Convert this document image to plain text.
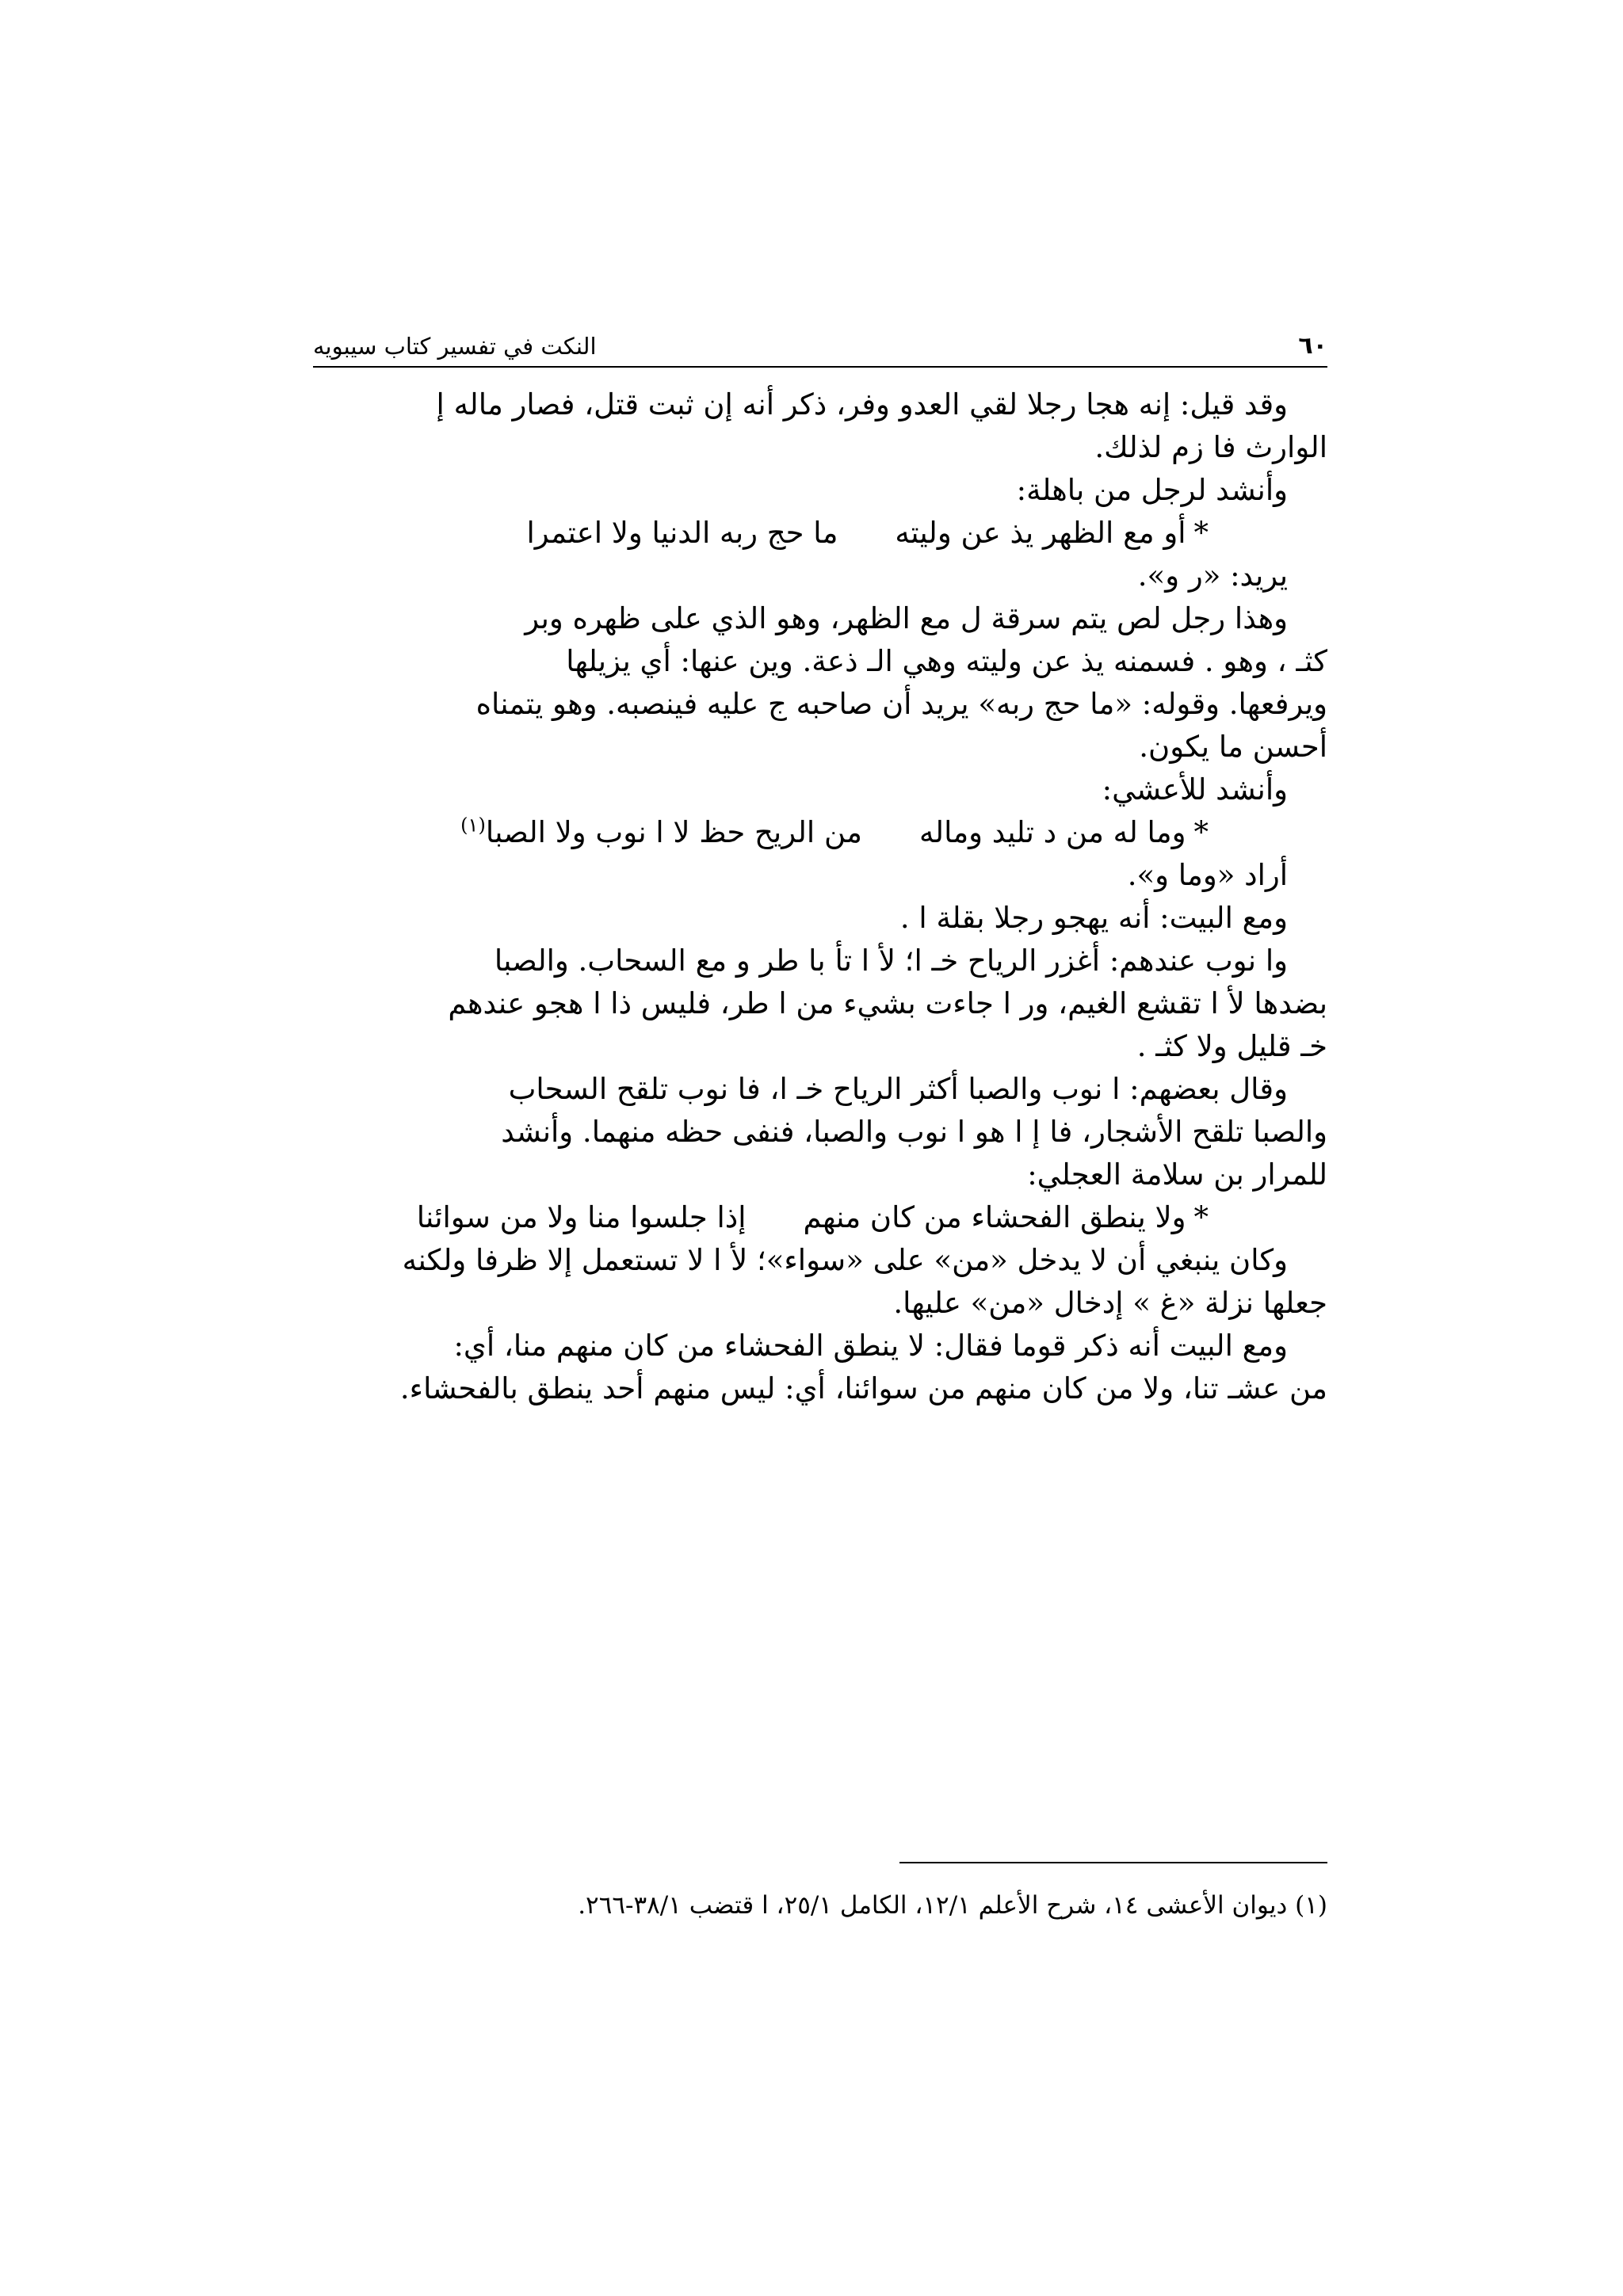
٦٠
النكت في تفسير كتاب سيبويه

وقد قيل: إنه هجا رجلا لقي العدو وفر، ذكر أنه إن ثبت قتل، فصار ماله إ

الوارث فا زم لذلك.

وأنشد لرجل من باهلة:

*أو مع الظهر يذ عن وليته
ما حج ربه الدنيا ولا اعتمرا

يريد: «ر و».

وهذا رجل لص يتم سرقة ل مع الظهر، وهو الذي على ظهره وبر

كثـ ، وهو . فسمنه يذ عن وليته وهي الـ ذعة. وين عنها: أي يزيلها

ويرفعها. وقوله: «ما حج ربه» يريد أن صاحبه ج عليه فينصبه. وهو يتمناه

أحسن ما يكون.

وأنشد للأعشي:

*وما له من د تليد وماله
من الريح حظ لا ا نوب ولا الصبا$^{(١)}$

أراد «وما و».

ومع البيت: أنه يهجو رجلا بقلة ا .

وا نوب عندهم: أغزر الرياح خـ ا؛ لأ ا تأ با طر و مع السحاب. والصبا

بضدها لأ ا تقشع الغيم، ور ا جاءت بشيء من ا طر، فليس ذا ا هجو عندهم

خـ قليل ولا كثـ .

وقال بعضهم: ا نوب والصبا أكثر الرياح خـ ا، فا نوب تلقح السحاب

والصبا تلقح الأشجار، فا إ ا هو ا نوب والصبا، فنفى حظه منهما. وأنشد

للمرار بن سلامة العجلي:

*ولا ينطق الفحشاء من كان منهم
إذا جلسوا منا ولا من سوائنا

وكان ينبغي أن لا يدخل «من» على «سواء»؛ لأ ا لا تستعمل إلا ظرفا ولكنه

جعلها نزلة «غ » إدخال «من» عليها.

ومع البيت أنه ذكر قوما فقال: لا ينطق الفحشاء من كان منهم منا، أي:

من عشـ تنا، ولا من كان منهم من سوائنا، أي: ليس منهم أحد ينطق بالفحشاء.

(١) ديوان الأعشى ١٤، شرح الأعلم ١٢/١، الكامل ٢٥/١، ا قتضب ٣٨/١-٢٦٦.
